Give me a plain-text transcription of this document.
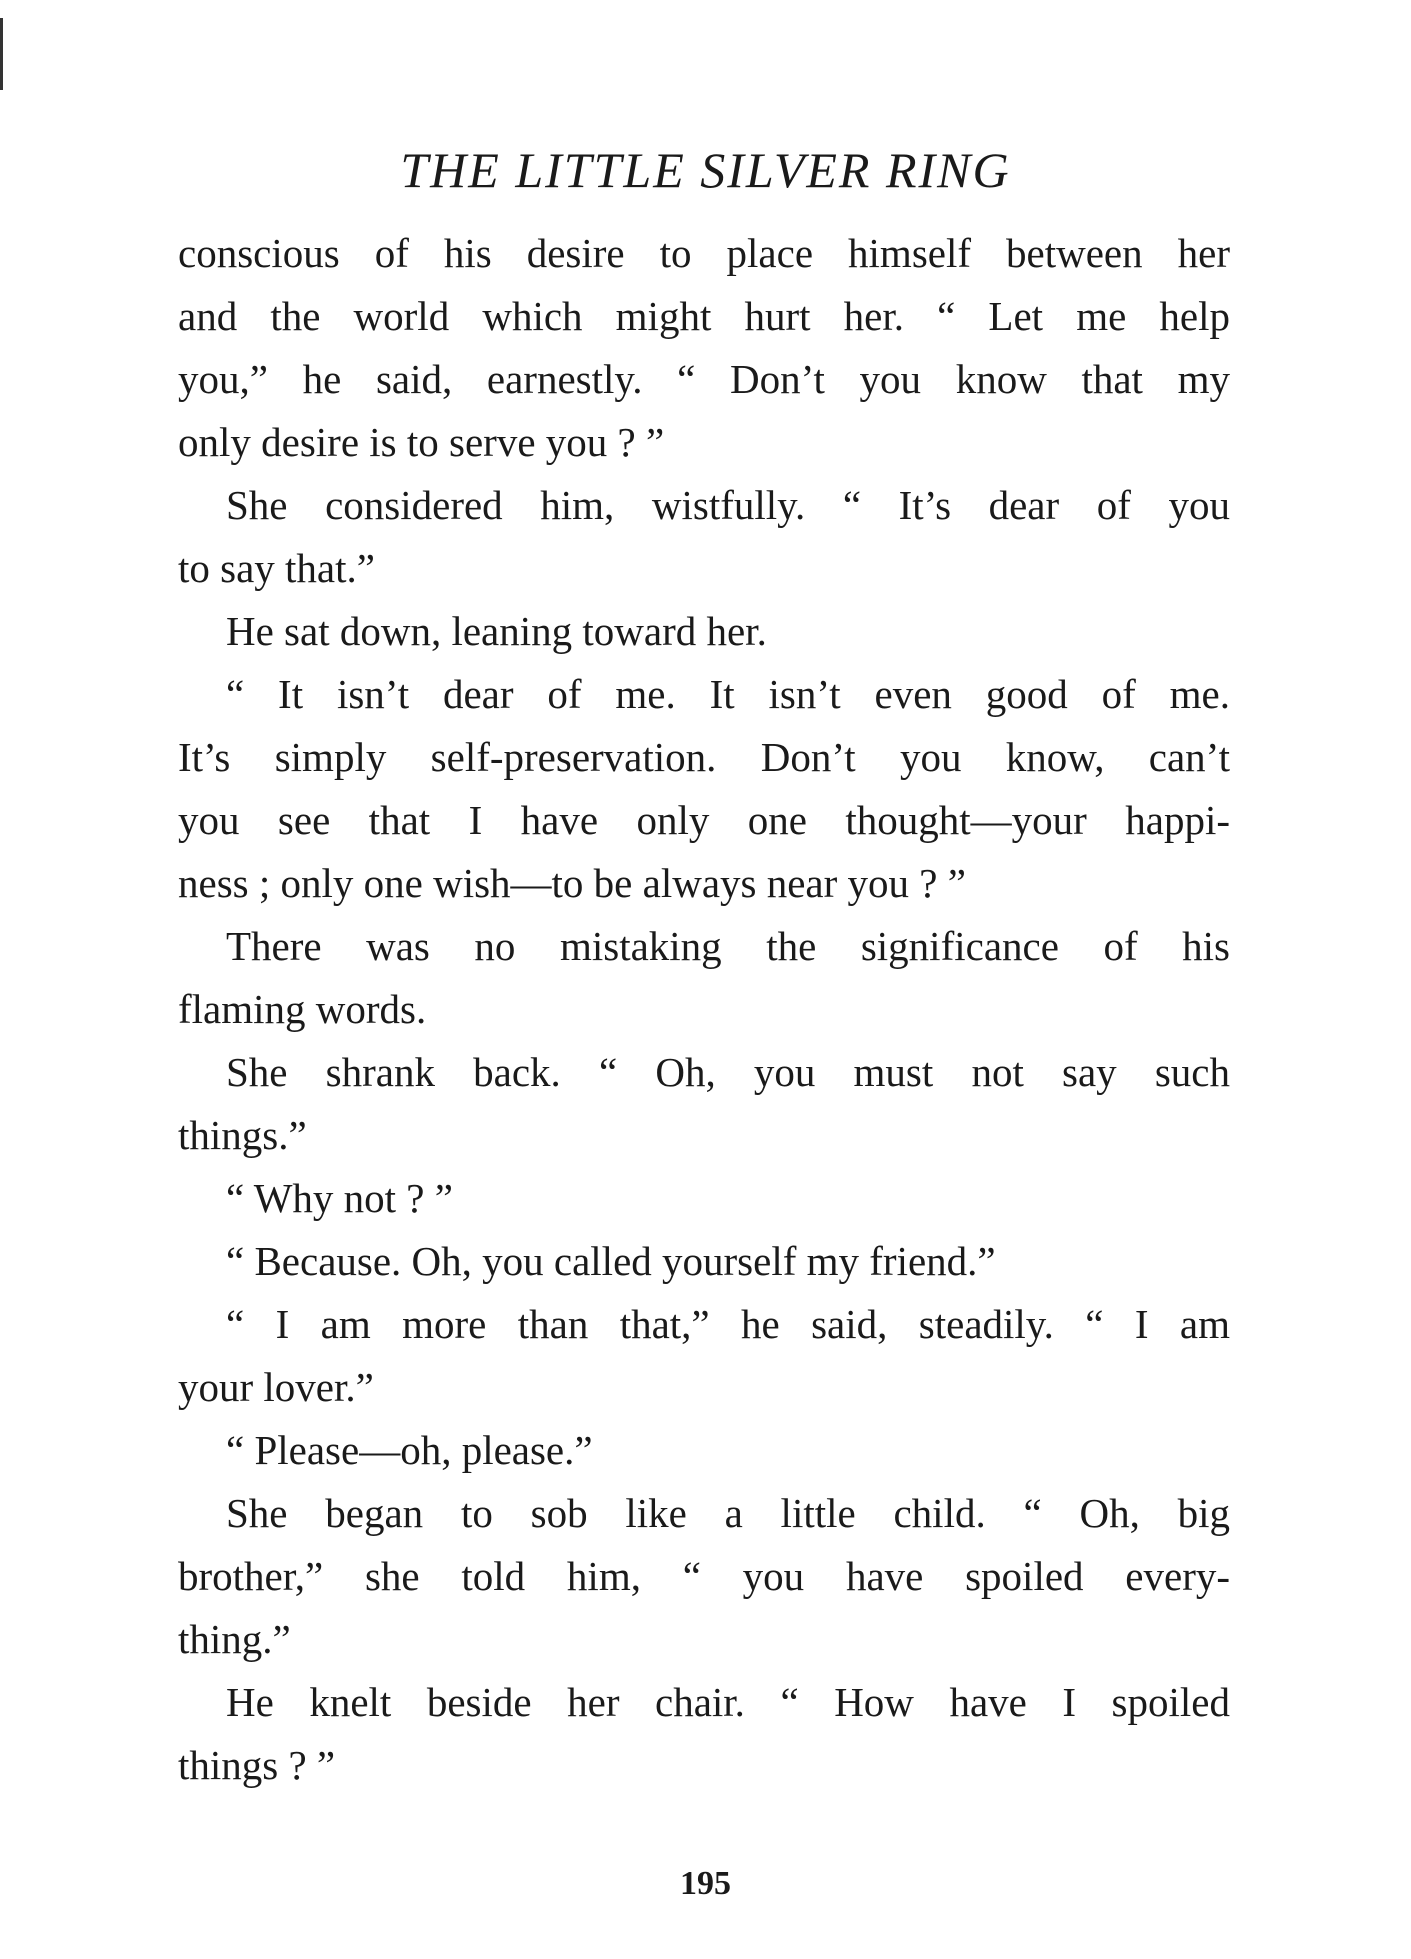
THE LITTLE SILVER RING
conscious of his desire to place himself between her
and the world which might hurt her. “ Let me help
you,” he said, earnestly. “ Don’t you know that my
only desire is to serve you ? ”
She considered him, wistfully. “ It’s dear of you
to say that.”
He sat down, leaning toward her.
“ It isn’t dear of me. It isn’t even good of me.
It’s simply self-preservation. Don’t you know, can’t
you see that I have only one thought—your happi-
ness ; only one wish—to be always near you ? ”
There was no mistaking the significance of his
flaming words.
She shrank back. “ Oh, you must not say such
things.”
“ Why not ? ”
“ Because. Oh, you called yourself my friend.”
“ I am more than that,” he said, steadily. “ I am
your lover.”
“ Please—oh, please.”
She began to sob like a little child. “ Oh, big
brother,” she told him, “ you have spoiled every-
thing.”
He knelt beside her chair. “ How have I spoiled
things ? ”
195
